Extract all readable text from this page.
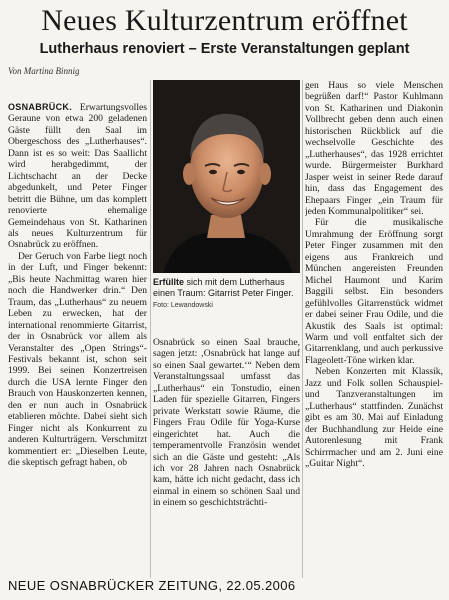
Neues Kulturzentrum eröffnet
Lutherhaus renoviert – Erste Veranstaltungen geplant
Von Martina Binnig

OSNABRÜCK. Erwartungsvolles Geraune von etwa 200 geladenen Gäste füllt den Saal im Obergeschoss des „Lutherhauses“. Dann ist es so weit: Das Saallicht wird herabgedimmt, der Lichtschacht an der Decke abgedunkelt, und Peter Finger betritt die Bühne, um das komplett renovierte ehemalige Gemeindehaus von St. Katharinen als neues Kulturzentrum für Osnabrück zu eröffnen.

Der Geruch von Farbe liegt noch in der Luft, und Finger bekennt: „Bis heute Nachmittag waren hier noch die Handwerker drin.“ Den Traum, das „Lutherhaus“ zu neuem Leben zu erwecken, hat der international renommierte Gitarrist, der in Osnabrück vor allem als Veranstalter des „Open Strings“-Festivals bekannt ist, schon seit 1999. Bei seinen Konzertreisen durch die USA lernte Finger den Brauch von Hauskonzerten kennen, den er nun auch in Osnabrück etablieren möchte. Dabei sieht sich Finger nicht als Konkurrent zu anderen Kulturträgern. Verschmitzt kommentiert er: „Dieselben Leute, die skeptisch gefragt haben, ob

Erfüllte sich mit dem Lutherhaus einen Traum: Gitarrist Peter Finger. Foto: Lewandowski

Osnabrück so einen Saal brauche, sagen jetzt: ‚Osnabrück hat lange auf so einen Saal gewartet.‘“ Neben dem Veranstaltungssaal umfasst das „Lutherhaus“ ein Tonstudio, einen Laden für spezielle Gitarren, Fingers private Werkstatt sowie Räume, die Fingers Frau Odile für Yoga-Kurse eingerichtet hat. Auch die temperamentvolle Französin wendet sich an die Gäste und gesteht: „Als ich vor 28 Jahren nach Osnabrück kam, hätte ich nicht gedacht, dass ich einmal in einem so schönen Saal und in einem so geschichtsträchti-

gen Haus so viele Menschen begrüßen darf!“ Pastor Kuhlmann von St. Katharinen und Diakonin Vollbrecht geben denn auch einen historischen Rückblick auf die wechselvolle Geschichte des „Lutherhauses“, das 1928 errichtet wurde. Bürgermeister Burkhard Jasper weist in seiner Rede darauf hin, dass das Engagement des Ehepaars Finger „ein Traum für jeden Kommunalpolitiker“ sei.

Für die musikalische Umrahmung der Eröffnung sorgt Peter Finger zusammen mit den eigens aus Frankreich und München angereisten Freunden Michel Haumont und Karim Baggili selbst. Ein besonders gefühlvolles Gitarrenstück widmet er dabei seiner Frau Odile, und die Akustik des Saals ist optimal: Warm und voll entfaltet sich der Gitarrenklang, und auch perkussive Flageolett-Töne wirken klar.

Neben Konzerten mit Klassik, Jazz und Folk sollen Schauspiel- und Tanzveranstaltungen im „Lutherhaus“ stattfinden. Zunächst gibt es am 30. Mai auf Einladung der Buchhandlung zur Heide eine Autorenlesung mit Frank Schirrmacher und am 2. Juni eine „Guitar Night“.

NEUE OSNABRÜCKER ZEITUNG, 22.05.2006
